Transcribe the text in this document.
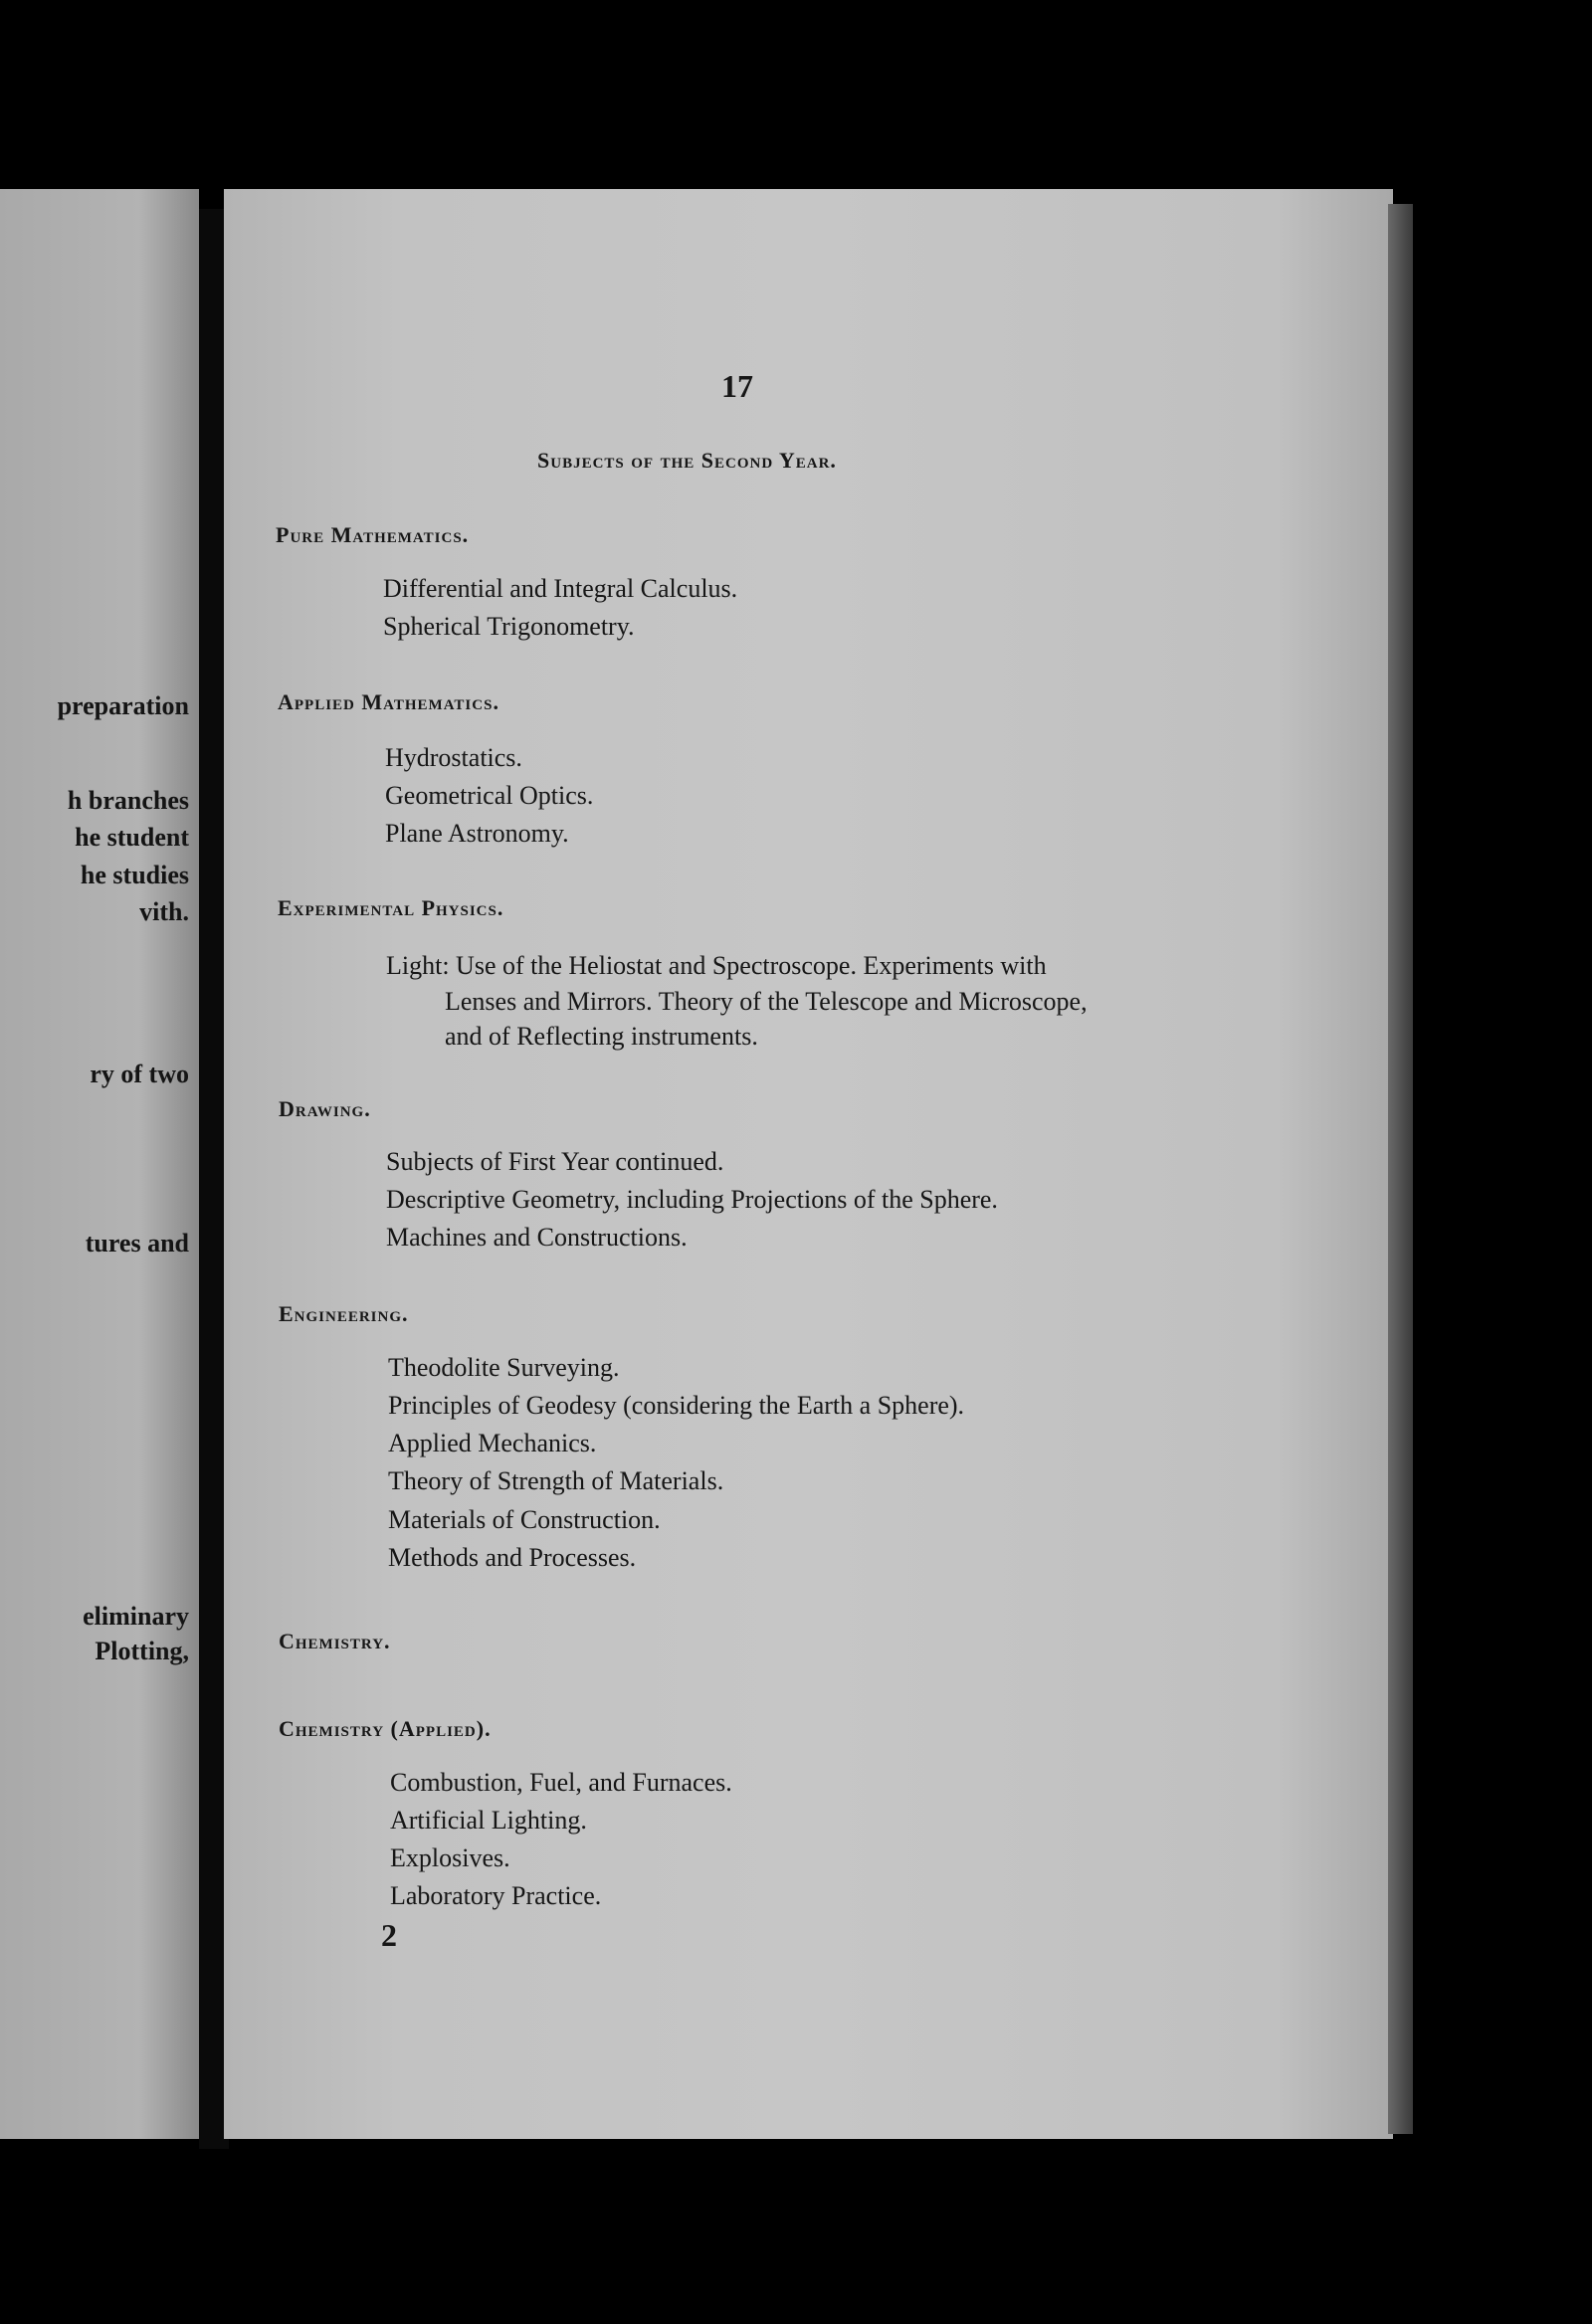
preparation
h branches
he student
he studies
vith.
ry of two
tures and
eliminary
Plotting,
17
Subjects of the Second Year.
Pure Mathematics.
Differential and Integral Calculus.
Spherical Trigonometry.
Applied Mathematics.
Hydrostatics.
Geometrical Optics.
Plane Astronomy.
Experimental Physics.
Light: Use of the Heliostat and Spectroscope. Experiments with
Lenses and Mirrors. Theory of the Telescope and Microscope,
and of Reflecting instruments.
Drawing.
Subjects of First Year continued.
Descriptive Geometry, including Projections of the Sphere.
Machines and Constructions.
Engineering.
Theodolite Surveying.
Principles of Geodesy (considering the Earth a Sphere).
Applied Mechanics.
Theory of Strength of Materials.
Materials of Construction.
Methods and Processes.
Chemistry.
Chemistry (Applied).
Combustion, Fuel, and Furnaces.
Artificial Lighting.
Explosives.
Laboratory Practice.
2
